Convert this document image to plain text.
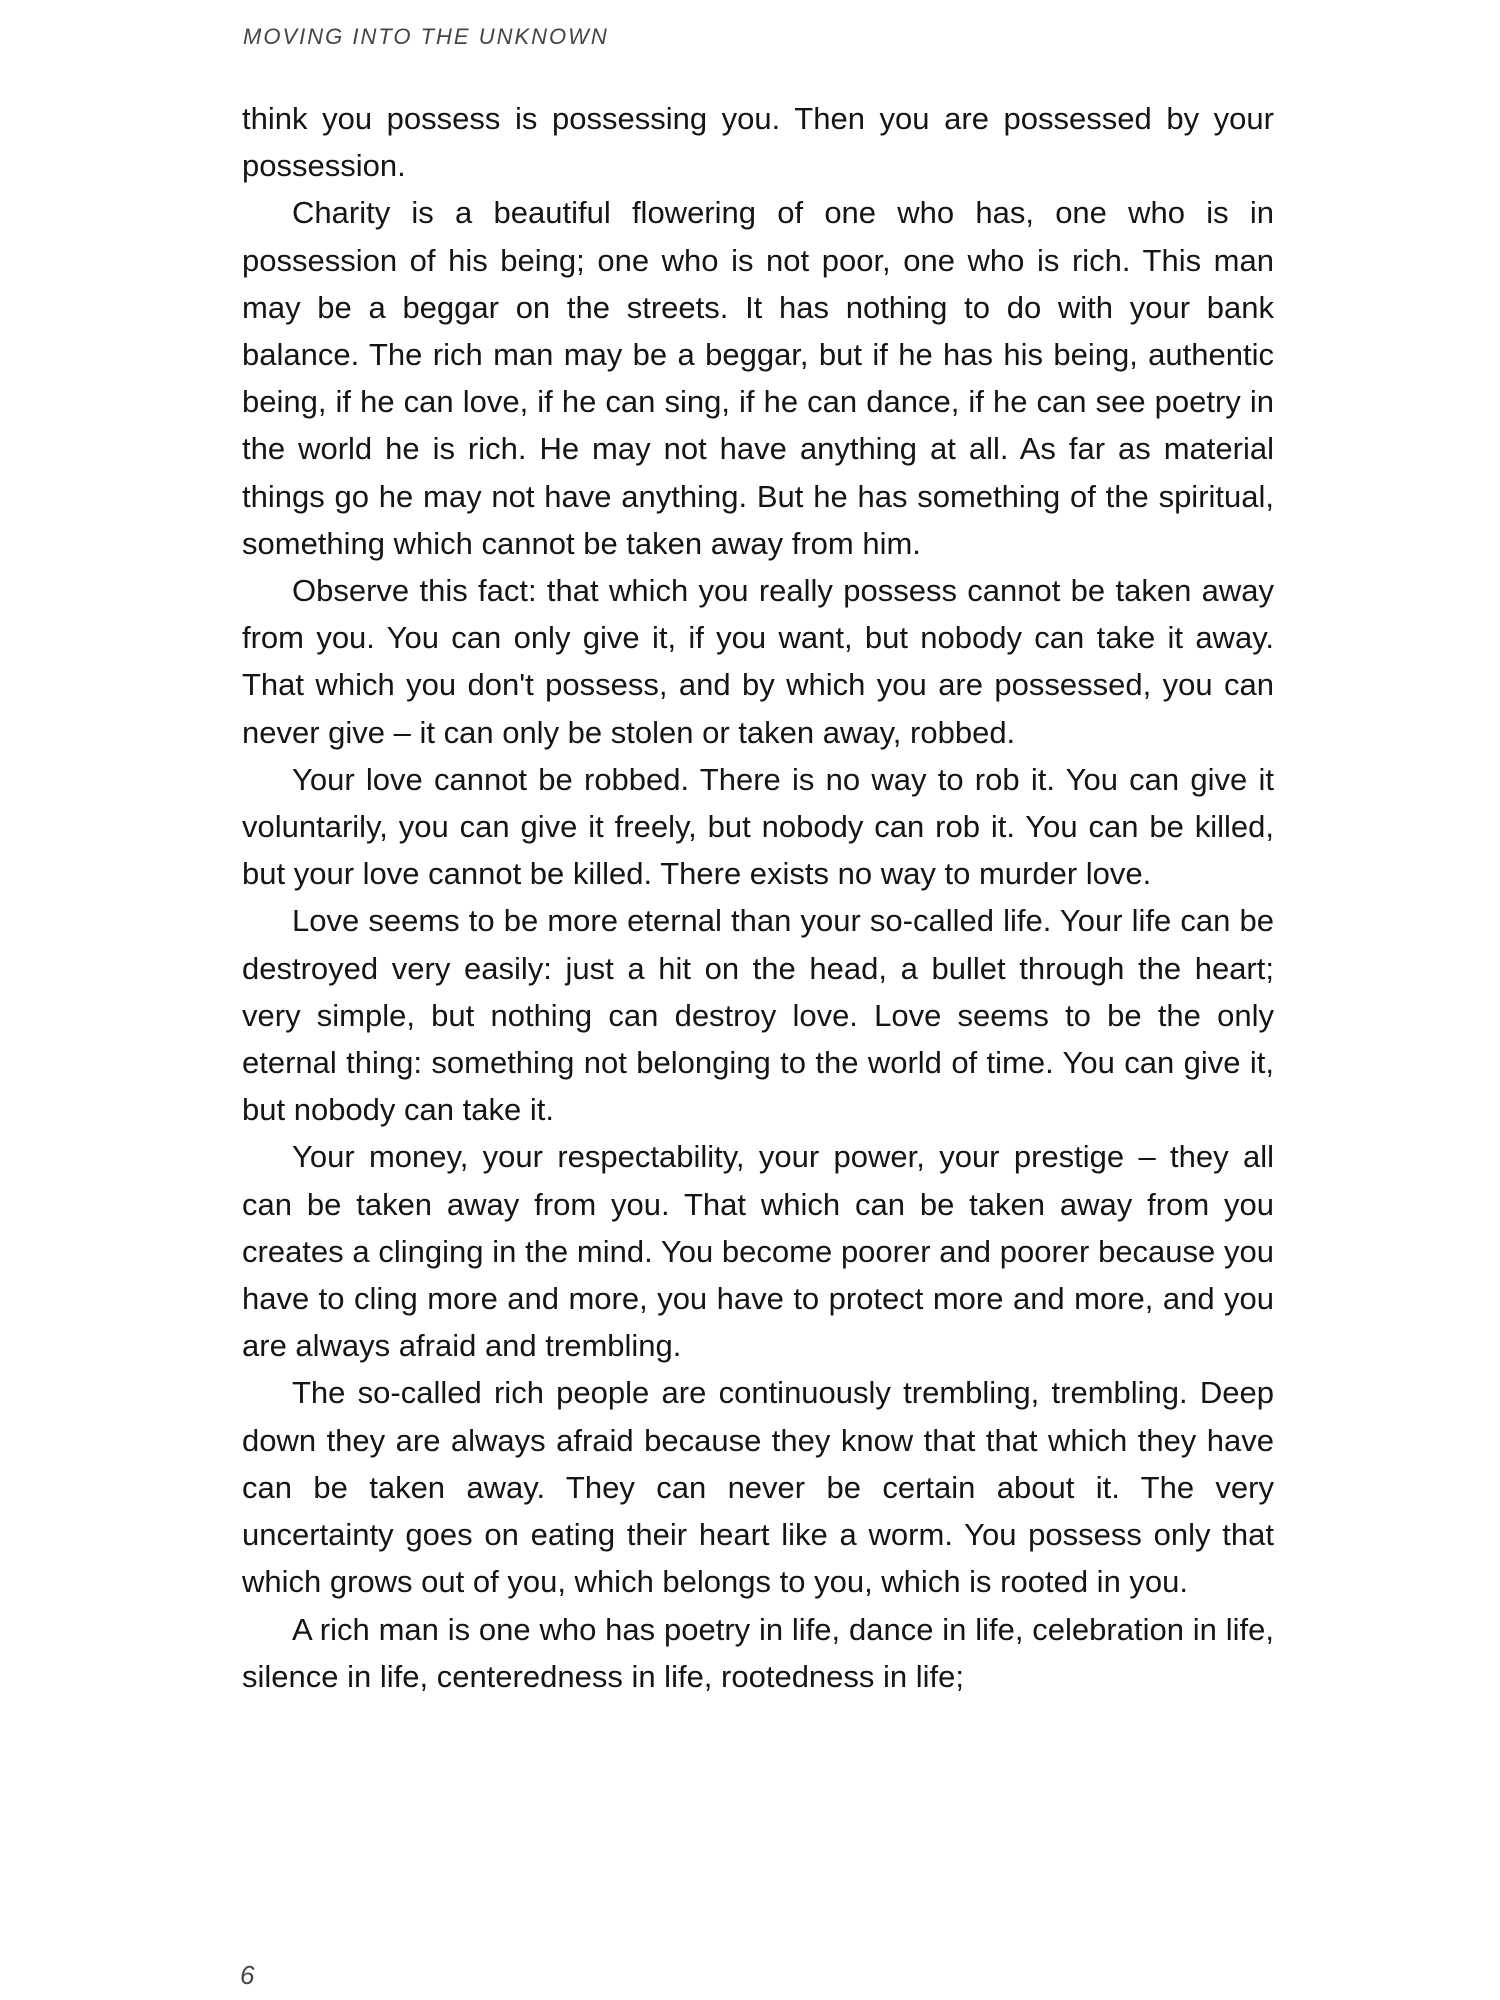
MOVING INTO THE UNKNOWN

think you possess is possessing you. Then you are possessed by your possession.

Charity is a beautiful flowering of one who has, one who is in possession of his being; one who is not poor, one who is rich. This man may be a beggar on the streets. It has nothing to do with your bank balance. The rich man may be a beggar, but if he has his being, authentic being, if he can love, if he can sing, if he can dance, if he can see poetry in the world he is rich. He may not have anything at all. As far as material things go he may not have anything. But he has something of the spiritual, something which cannot be taken away from him.

Observe this fact: that which you really possess cannot be taken away from you. You can only give it, if you want, but nobody can take it away. That which you don't possess, and by which you are possessed, you can never give – it can only be stolen or taken away, robbed.

Your love cannot be robbed. There is no way to rob it. You can give it voluntarily, you can give it freely, but nobody can rob it. You can be killed, but your love cannot be killed. There exists no way to murder love.

Love seems to be more eternal than your so-called life. Your life can be destroyed very easily: just a hit on the head, a bullet through the heart; very simple, but nothing can destroy love. Love seems to be the only eternal thing: something not belonging to the world of time. You can give it, but nobody can take it.

Your money, your respectability, your power, your prestige – they all can be taken away from you. That which can be taken away from you creates a clinging in the mind. You become poorer and poorer because you have to cling more and more, you have to protect more and more, and you are always afraid and trembling.

The so-called rich people are continuously trembling, trembling. Deep down they are always afraid because they know that that which they have can be taken away. They can never be certain about it. The very uncertainty goes on eating their heart like a worm. You possess only that which grows out of you, which belongs to you, which is rooted in you.

A rich man is one who has poetry in life, dance in life, celebration in life, silence in life, centeredness in life, rootedness in life;

6
